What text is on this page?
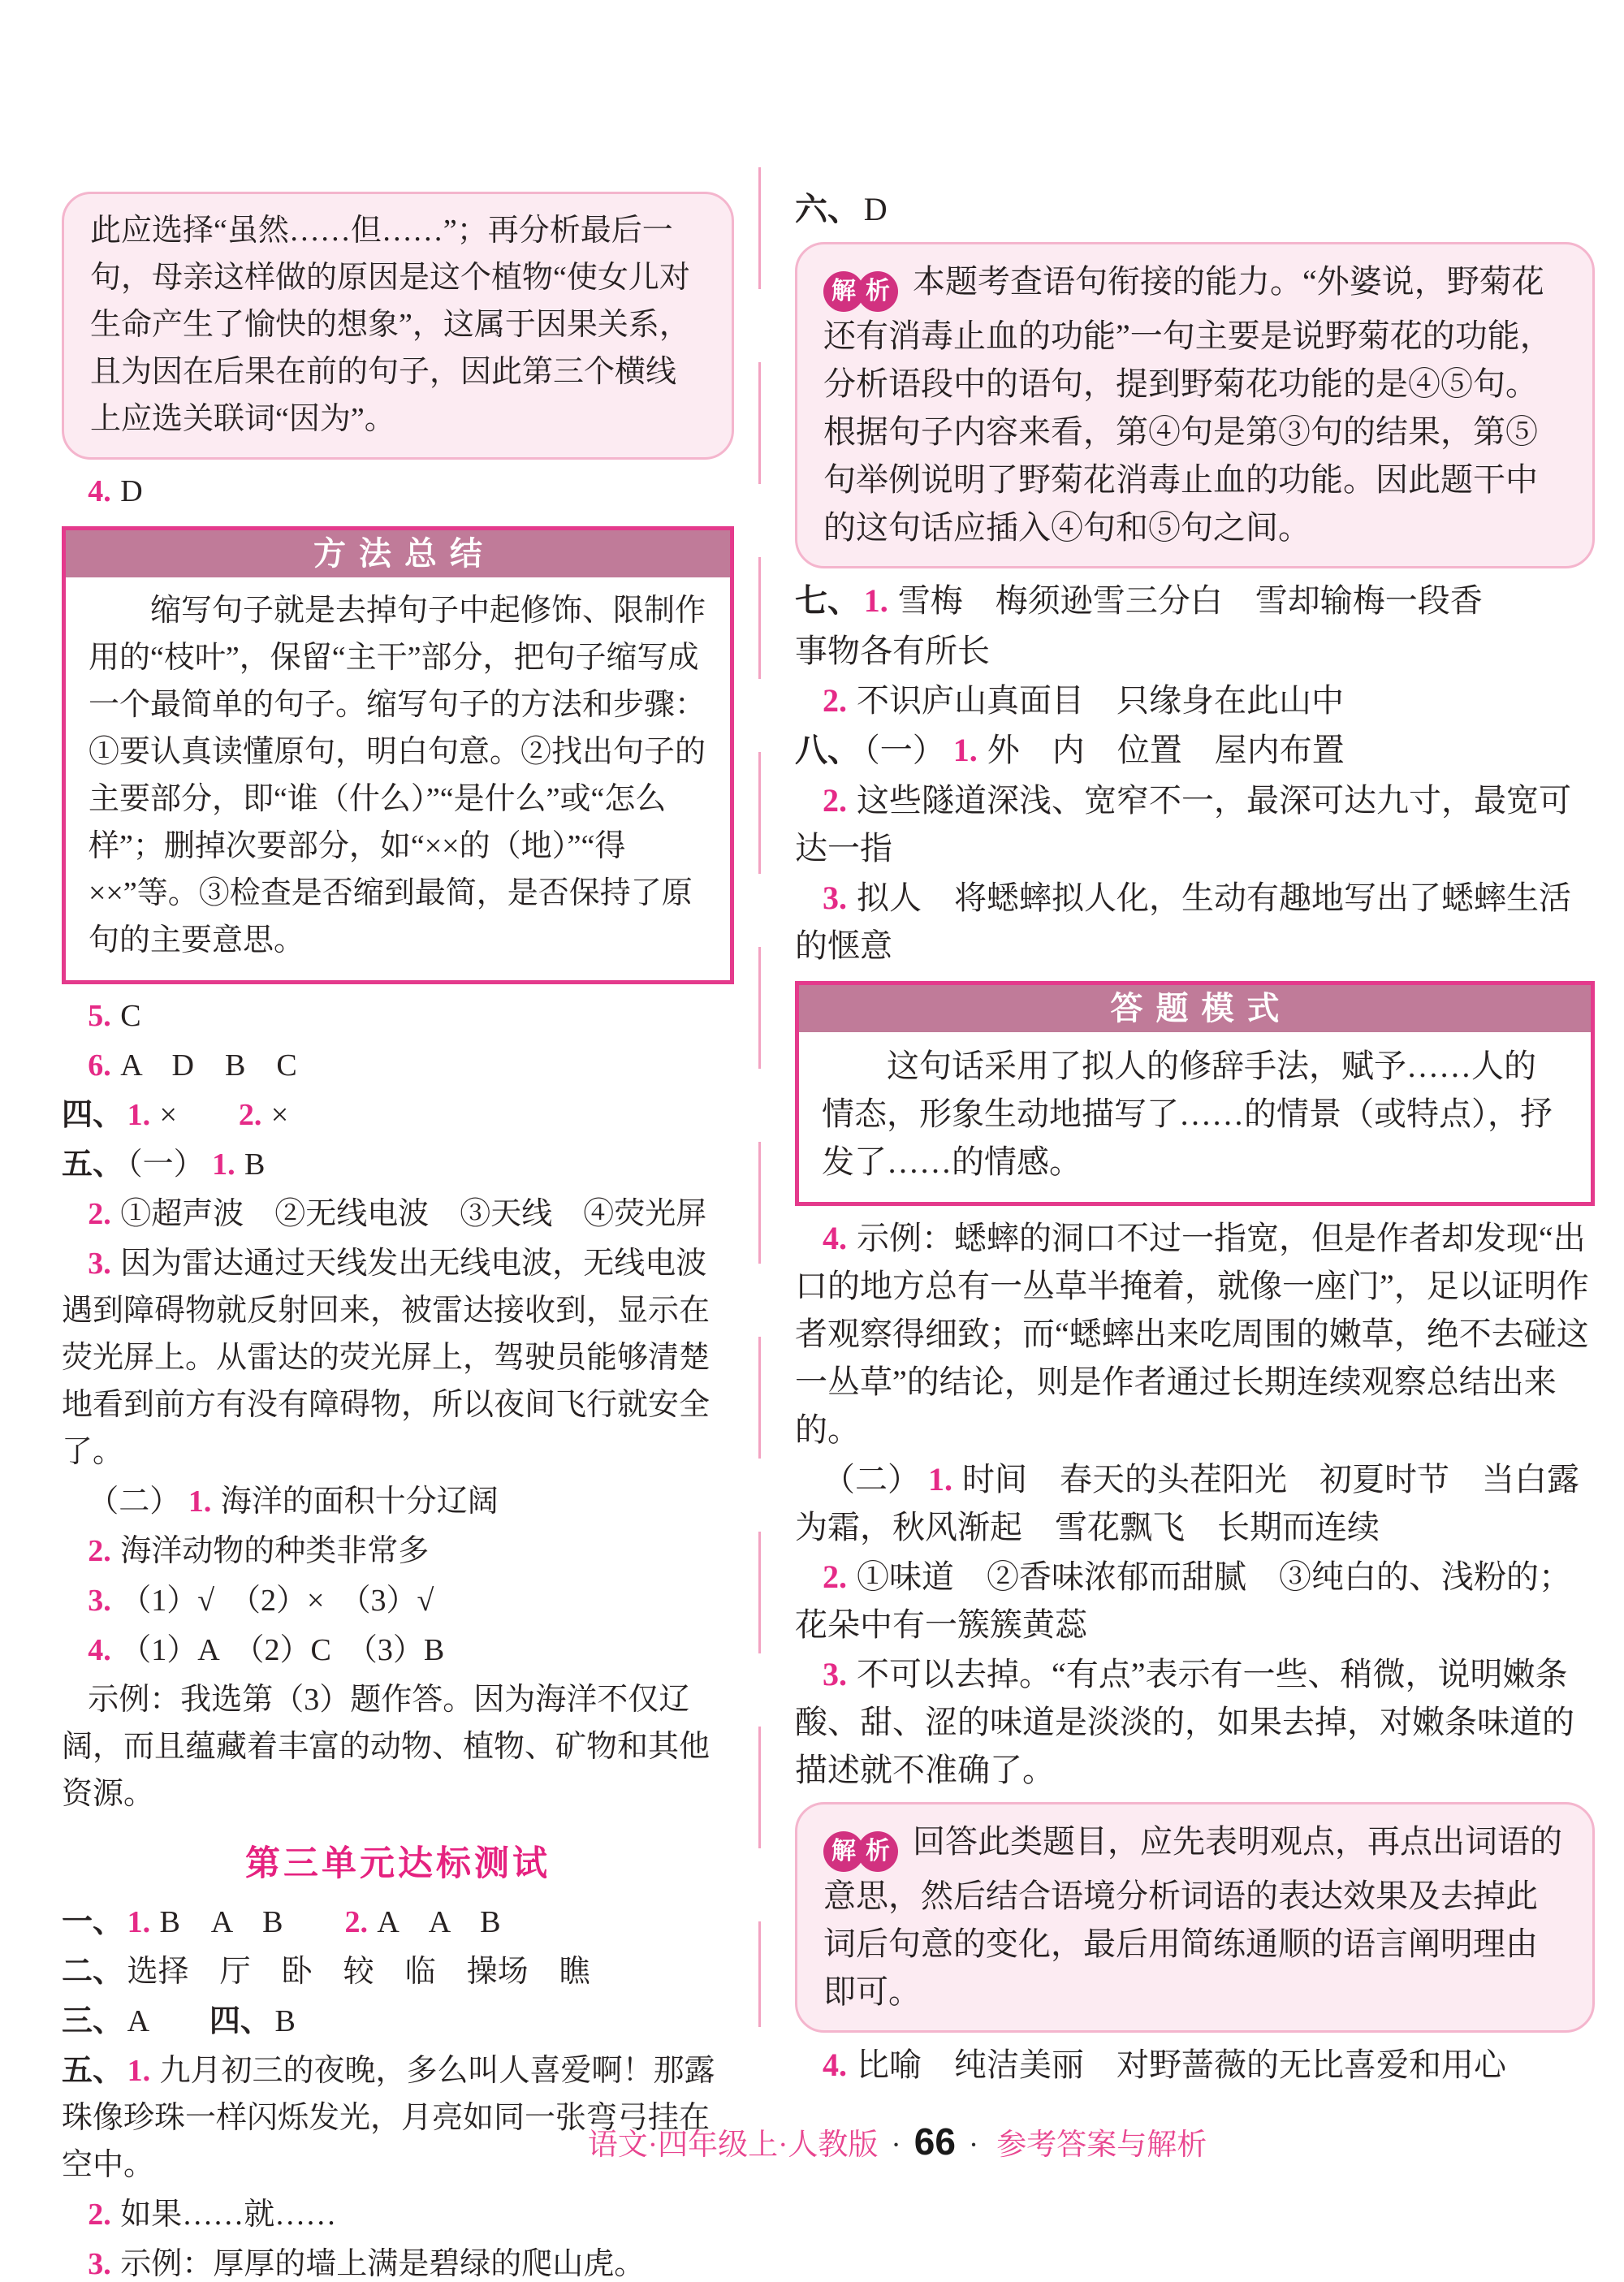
此应选择“虽然……但……”；再分析最后一句，母亲这样做的原因是这个植物“使女儿对生命产生了愉快的想象”，这属于因果关系，且为因在后果在前的句子，因此第三个横线上应选关联词“因为”。

4. D

方法总结

缩写句子就是去掉句子中起修饰、限制作用的“枝叶”，保留“主干”部分，把句子缩写成一个最简单的句子。缩写句子的方法和步骤：①要认真读懂原句，明白句意。②找出句子的主要部分，即“谁（什么）”“是什么”或“怎么样”；删掉次要部分，如“××的（地）”“得××”等。③检查是否缩到最简，是否保持了原句的主要意思。

5. C

6. A　D　B　C

四、 1. ×　　2. ×

五、 （一） 1. B

2. ①超声波　②无线电波　③天线　④荧光屏

3. 因为雷达通过天线发出无线电波，无线电波遇到障碍物就反射回来，被雷达接收到，显示在荧光屏上。从雷达的荧光屏上，驾驶员能够清楚地看到前方有没有障碍物，所以夜间飞行就安全了。

（二） 1. 海洋的面积十分辽阔

2. 海洋动物的种类非常多

3. （1）√　（2）×　（3）√

4. （1）A　（2）C　（3）B

示例：我选第（3）题作答。因为海洋不仅辽阔，而且蕴藏着丰富的动物、植物、矿物和其他资源。

第三单元达标测试

一、 1. B　A　B　　2. A　A　B

二、 选择　厅　卧　较　临　操场　瞧

三、 A　　四、 B

五、 1. 九月初三的夜晚，多么叫人喜爱啊！那露珠像珍珠一样闪烁发光，月亮如同一张弯弓挂在空中。

2. 如果……就……

3. 示例：厚厚的墙上满是碧绿的爬山虎。

六、 D

解 析 本题考查语句衔接的能力。“外婆说，野菊花还有消毒止血的功能”一句主要是说野菊花的功能，分析语段中的语句，提到野菊花功能的是④⑤句。根据句子内容来看，第④句是第③句的结果，第⑤句举例说明了野菊花消毒止血的功能。因此题干中的这句话应插入④句和⑤句之间。

七、 1. 雪梅　梅须逊雪三分白　雪却输梅一段香

事物各有所长

2. 不识庐山真面目　只缘身在此山中

八、 （一） 1. 外　内　位置　屋内布置

2. 这些隧道深浅、宽窄不一，最深可达九寸，最宽可达一指

3. 拟人　将蟋蟀拟人化，生动有趣地写出了蟋蟀生活的惬意

答题模式

这句话采用了拟人的修辞手法，赋予……人的情态，形象生动地描写了……的情景（或特点），抒发了……的情感。

4. 示例：蟋蟀的洞口不过一指宽，但是作者却发现“出口的地方总有一丛草半掩着，就像一座门”，足以证明作者观察得细致；而“蟋蟀出来吃周围的嫩草，绝不去碰这一丛草”的结论，则是作者通过长期连续观察总结出来的。

（二） 1. 时间　春天的头茬阳光　初夏时节　当白露为霜，秋风渐起　雪花飘飞　长期而连续

2. ①味道　②香味浓郁而甜腻　③纯白的、浅粉的；花朵中有一簇簇黄蕊

3. 不可以去掉。“有点”表示有一些、稍微，说明嫩条酸、甜、涩的味道是淡淡的，如果去掉，对嫩条味道的描述就不准确了。

解 析 回答此类题目，应先表明观点，再点出词语的意思，然后结合语境分析词语的表达效果及去掉此词后句意的变化，最后用简练通顺的语言阐明理由即可。

4. 比喻　纯洁美丽　对野蔷薇的无比喜爱和用心

语文·四年级上·人教版 · 66 · 参考答案与解析
